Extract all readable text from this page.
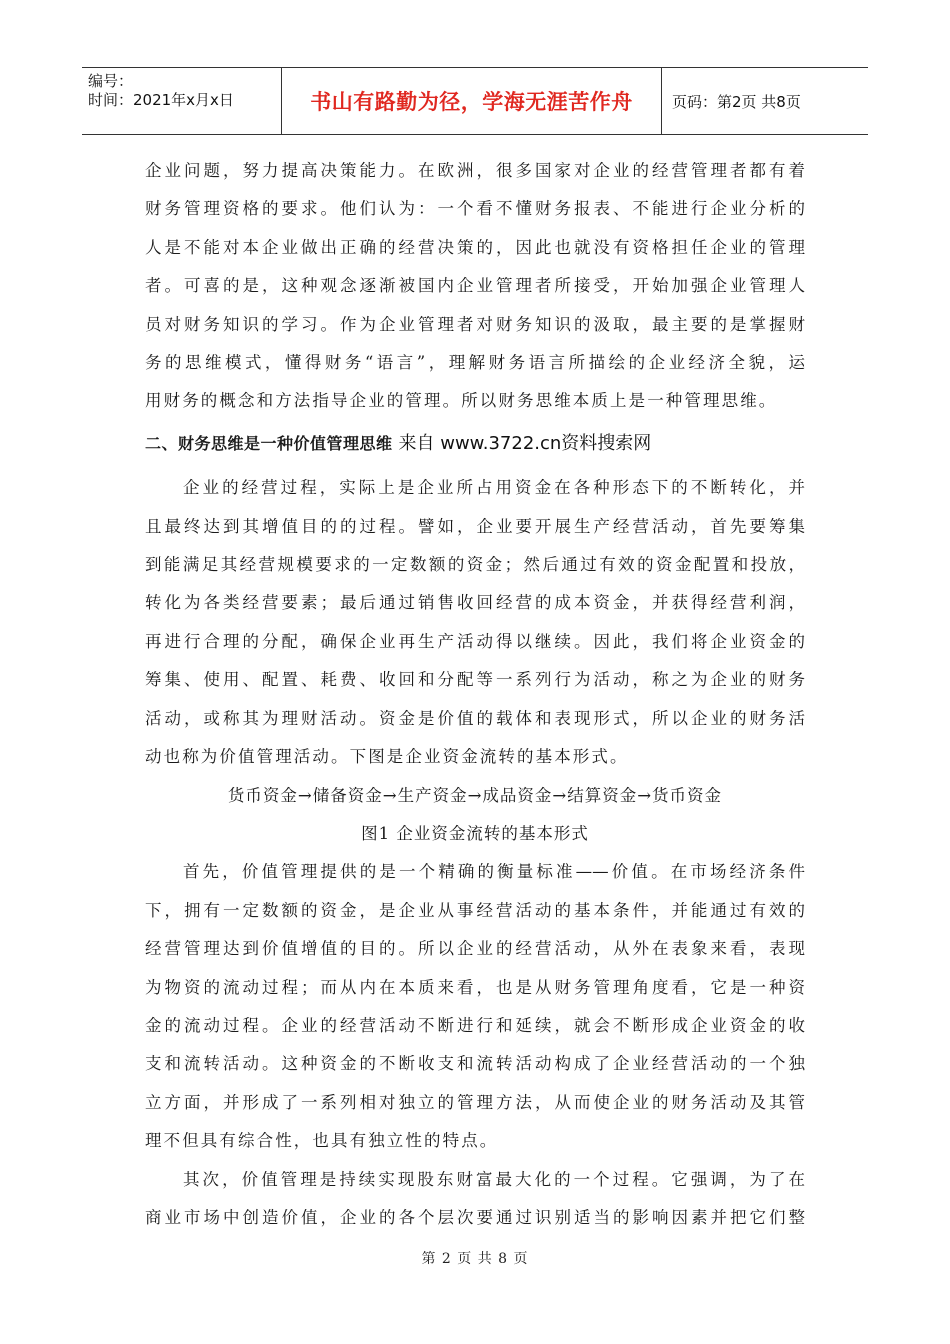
编号：
时间：2021年x月x日	书山有路勤为径，学海无涯苦作舟	页码：第2页 共8页
企业问题，努力提高决策能力。在欧洲，很多国家对企业的经营管理者都有着
财务管理资格的要求。他们认为：一个看不懂财务报表、不能进行企业分析的
人是不能对本企业做出正确的经营决策的，因此也就没有资格担任企业的管理
者。可喜的是，这种观念逐渐被国内企业管理者所接受，开始加强企业管理人
员对财务知识的学习。作为企业管理者对财务知识的汲取，最主要的是掌握财
务的思维模式，懂得财务“语言”，理解财务语言所描绘的企业经济全貌，运
用财务的概念和方法指导企业的管理。所以财务思维本质上是一种管理思维。
二、财务思维是一种价值管理思维 来自 www.3722.cn资料搜索网
企业的经营过程，实际上是企业所占用资金在各种形态下的不断转化，并
且最终达到其增值目的的过程。譬如，企业要开展生产经营活动，首先要筹集
到能满足其经营规模要求的一定数额的资金；然后通过有效的资金配置和投放，
转化为各类经营要素；最后通过销售收回经营的成本资金，并获得经营利润，
再进行合理的分配，确保企业再生产活动得以继续。因此，我们将企业资金的
筹集、使用、配置、耗费、收回和分配等一系列行为活动，称之为企业的财务
活动，或称其为理财活动。资金是价值的载体和表现形式，所以企业的财务活
动也称为价值管理活动。下图是企业资金流转的基本形式。
货币资金→储备资金→生产资金→成品资金→结算资金→货币资金
图1 企业资金流转的基本形式
首先，价值管理提供的是一个精确的衡量标准——价值。在市场经济条件
下，拥有一定数额的资金，是企业从事经营活动的基本条件，并能通过有效的
经营管理达到价值增值的目的。所以企业的经营活动，从外在表象来看，表现
为物资的流动过程；而从内在本质来看，也是从财务管理角度看，它是一种资
金的流动过程。企业的经营活动不断进行和延续，就会不断形成企业资金的收
支和流转活动。这种资金的不断收支和流转活动构成了企业经营活动的一个独
立方面，并形成了一系列相对独立的管理方法，从而使企业的财务活动及其管
理不但具有综合性，也具有独立性的特点。
其次，价值管理是持续实现股东财富最大化的一个过程。它强调，为了在
商业市场中创造价值，企业的各个层次要通过识别适当的影响因素并把它们整
第 2 页 共 8 页
